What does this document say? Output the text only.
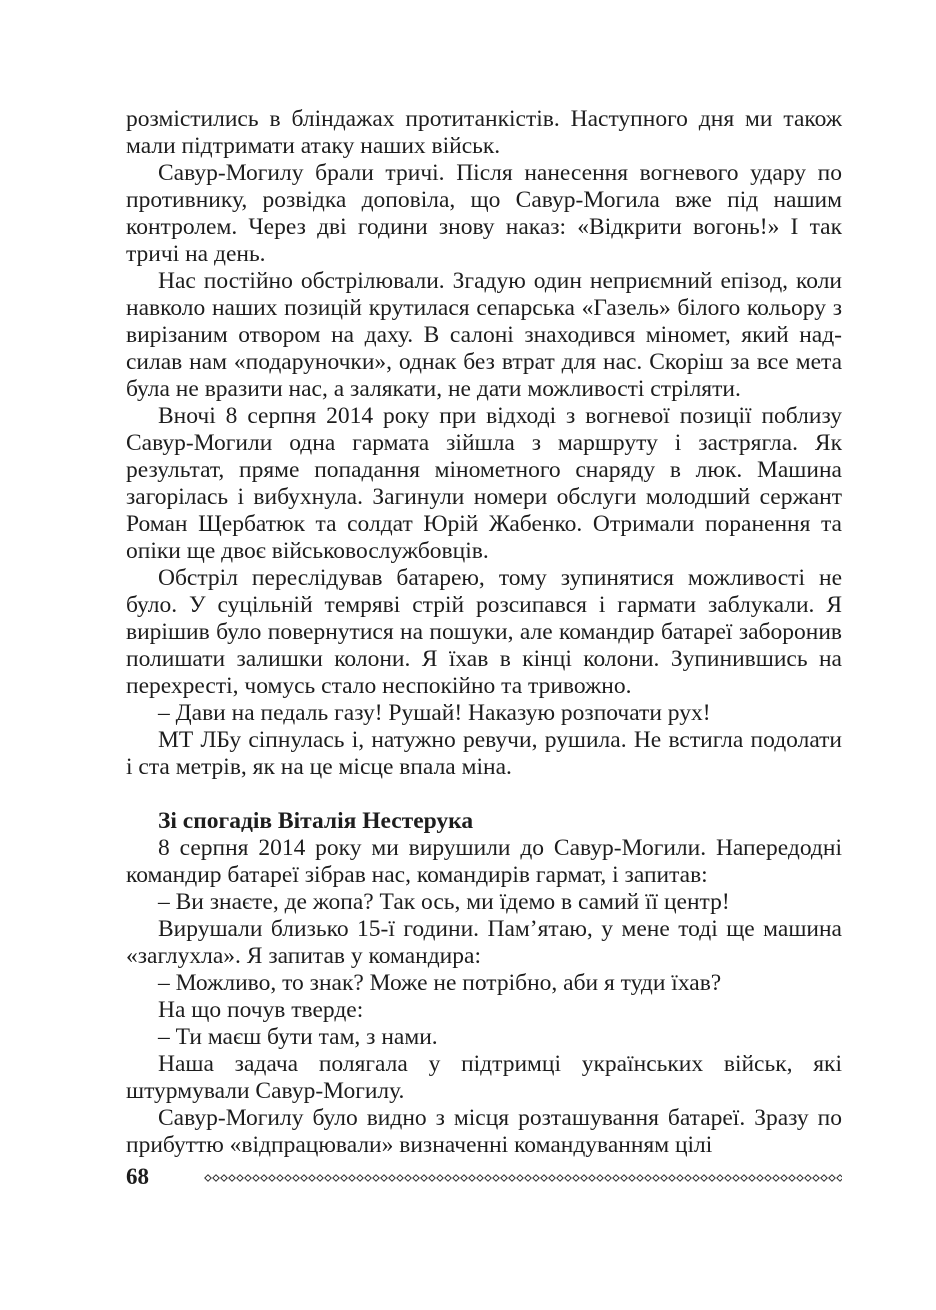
розмістились в бліндажах протитанкістів. Наступного дня ми також мали підтримати атаку наших військ.

Савур-Могилу брали тричі. Після нанесення вогневого удару по противнику, розвідка доповіла, що Савур-Могила вже під нашим контролем. Через дві години знову наказ: «Відкрити вогонь!» І так тричі на день.

Нас постійно обстрілювали. Згадую один неприємний епізод, коли навколо наших позицій крутилася сепарська «Газель» білого кольору з вирізаним отвором на даху. В салоні знаходився міномет, який надсилав нам «подаруночки», однак без втрат для нас. Скоріш за все мета була не вразити нас, а залякати, не дати можливості стріляти.

Вночі 8 серпня 2014 року при відході з вогневої позиції поблизу Савур-Могили одна гармата зійшла з маршруту і застрягла. Як результат, пряме попадання мінометного снаряду в люк. Машина загорілась і вибухнула. Загинули номери обслуги молодший сержант Роман Щербатюк та солдат Юрій Жабенко. Отримали поранення та опіки ще двоє військовослужбовців.

Обстріл переслідував батарею, тому зупинятися можливості не було. У суцільній темряві стрій розсипався і гармати заблукали. Я вирішив було повернутися на пошуки, але командир батареї заборонив полишати залишки колони. Я їхав в кінці колони. Зупинившись на перехресті, чомусь стало неспокійно та тривожно.

– Дави на педаль газу! Рушай! Наказую розпочати рух!

МТ ЛБу сіпнулась і, натужно ревучи, рушила. Не встигла подолати і ста метрів, як на це місце впала міна.

Зі спогадів Віталія Нестерука

8 серпня 2014 року ми вирушили до Савур-Могили. Напередодні командир батареї зібрав нас, командирів гармат, і запитав:

– Ви знаєте, де жопа? Так ось, ми їдемо в самий її центр!

Вирушали близько 15-ї години. Пам’ятаю, у мене тоді ще машина «заглухла». Я запитав у командира:

– Можливо, то знак? Може не потрібно, аби я туди їхав?

На що почув тверде:

– Ти маєш бути там, з нами.

Наша задача полягала у підтримці українських військ, які штурмували Савур-Могилу.

Савур-Могилу було видно з місця розташування батареї. Зразу по прибуттю «відпрацювали» визначенні командуванням цілі

68
